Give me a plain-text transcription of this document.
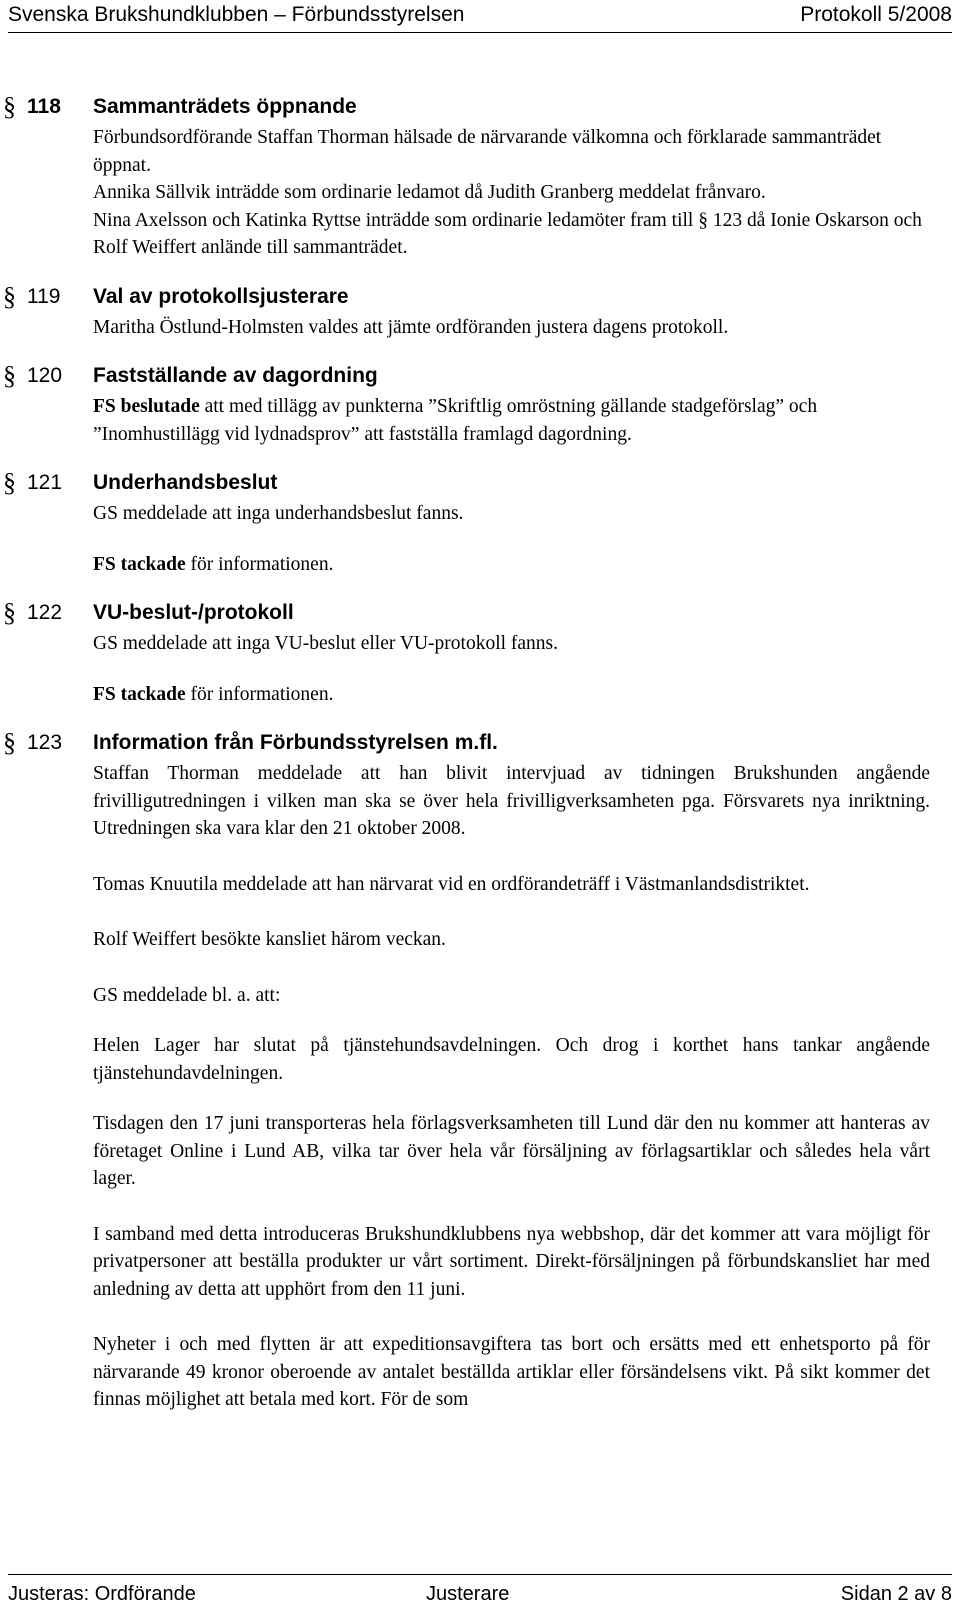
Svenska Brukshundklubben – Förbundsstyrelsen	Protokoll 5/2008
§ 118	Sammanträdets öppnande

Förbundsordförande Staffan Thorman hälsade de närvarande välkomna och förklarade sammanträdet öppnat.

Annika Sällvik inträdde som ordinarie ledamot då Judith Granberg meddelat frånvaro.

Nina Axelsson och Katinka Ryttse inträdde som ordinarie ledamöter fram till § 123 då Ionie Oskarson och Rolf Weiffert anlände till sammanträdet.

§ 119	Val av protokollsjusterare

Maritha Östlund-Holmsten valdes att jämte ordföranden justera dagens protokoll.

§ 120	Fastställande av dagordning

FS beslutade att med tillägg av punkterna ”Skriftlig omröstning gällande stadgeförslag” och ”Inomhustillägg vid lydnadsprov” att fastställa framlagd dagordning.

§ 121	Underhandsbeslut

GS meddelade att inga underhandsbeslut fanns.

FS tackade för informationen.

§ 122	VU-beslut-/protokoll

GS meddelade att inga VU-beslut eller VU-protokoll fanns.

FS tackade för informationen.

§ 123	Information från Förbundsstyrelsen m.fl.

Staffan Thorman meddelade att han blivit intervjuad av tidningen Brukshunden angående frivilligutredningen i vilken man ska se över hela frivilligverksamheten pga. Försvarets nya inriktning. Utredningen ska vara klar den 21 oktober 2008.

Tomas Knuutila meddelade att han närvarat vid en ordförandeträff i Västmanlandsdistriktet.

Rolf Weiffert besökte kansliet härom veckan.

GS meddelade bl. a. att:

Helen Lager har slutat på tjänstehundsavdelningen. Och drog i korthet hans tankar angående tjänstehundavdelningen.

Tisdagen den 17 juni transporteras hela förlagsverksamheten till Lund där den nu kommer att hanteras av företaget Online i Lund AB, vilka tar över hela vår försäljning av förlagsartiklar och således hela vårt lager.

I samband med detta introduceras Brukshundklubbens nya webbshop, där det kommer att vara möjligt för privatpersoner att beställa produkter ur vårt sortiment. Direkt-försäljningen på förbundskansliet har med anledning av detta att upphört from den 11 juni.

Nyheter i och med flytten är att expeditionsavgiftera tas bort och ersätts med ett enhetsporto på för närvarande 49 kronor oberoende av antalet beställda artiklar eller försändelsens vikt. På sikt kommer det finnas möjlighet att betala med kort. För de som

Justeras: Ordförande	Justerare	Sidan 2 av 8
